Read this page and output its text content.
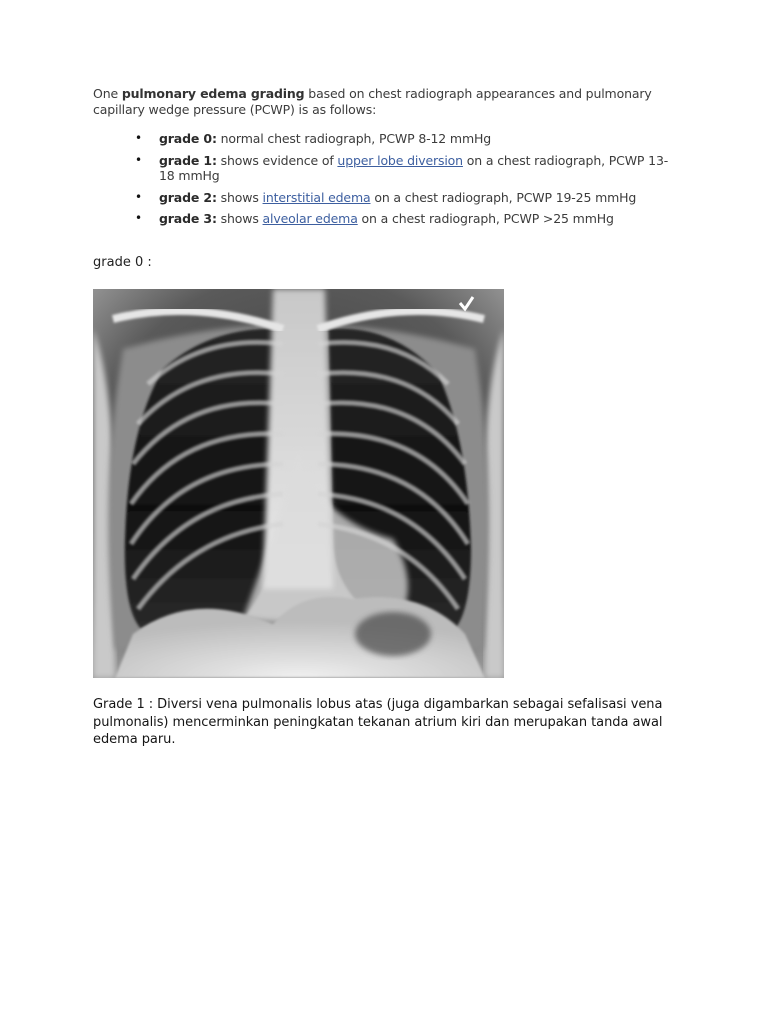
One pulmonary edema grading based on chest radiograph appearances and pulmonary capillary wedge pressure (PCWP) is as follows:

• grade 0: normal chest radiograph, PCWP 8-12 mmHg
• grade 1: shows evidence of upper lobe diversion on a chest radiograph, PCWP 13-18 mmHg
• grade 2: shows interstitial edema on a chest radiograph, PCWP 19-25 mmHg
• grade 3: shows alveolar edema on a chest radiograph, PCWP >25 mmHg

grade 0 :

Grade 1 : Diversi vena pulmonalis lobus atas (juga digambarkan sebagai sefalisasi vena pulmonalis) mencerminkan peningkatan tekanan atrium kiri dan merupakan tanda awal edema paru.
